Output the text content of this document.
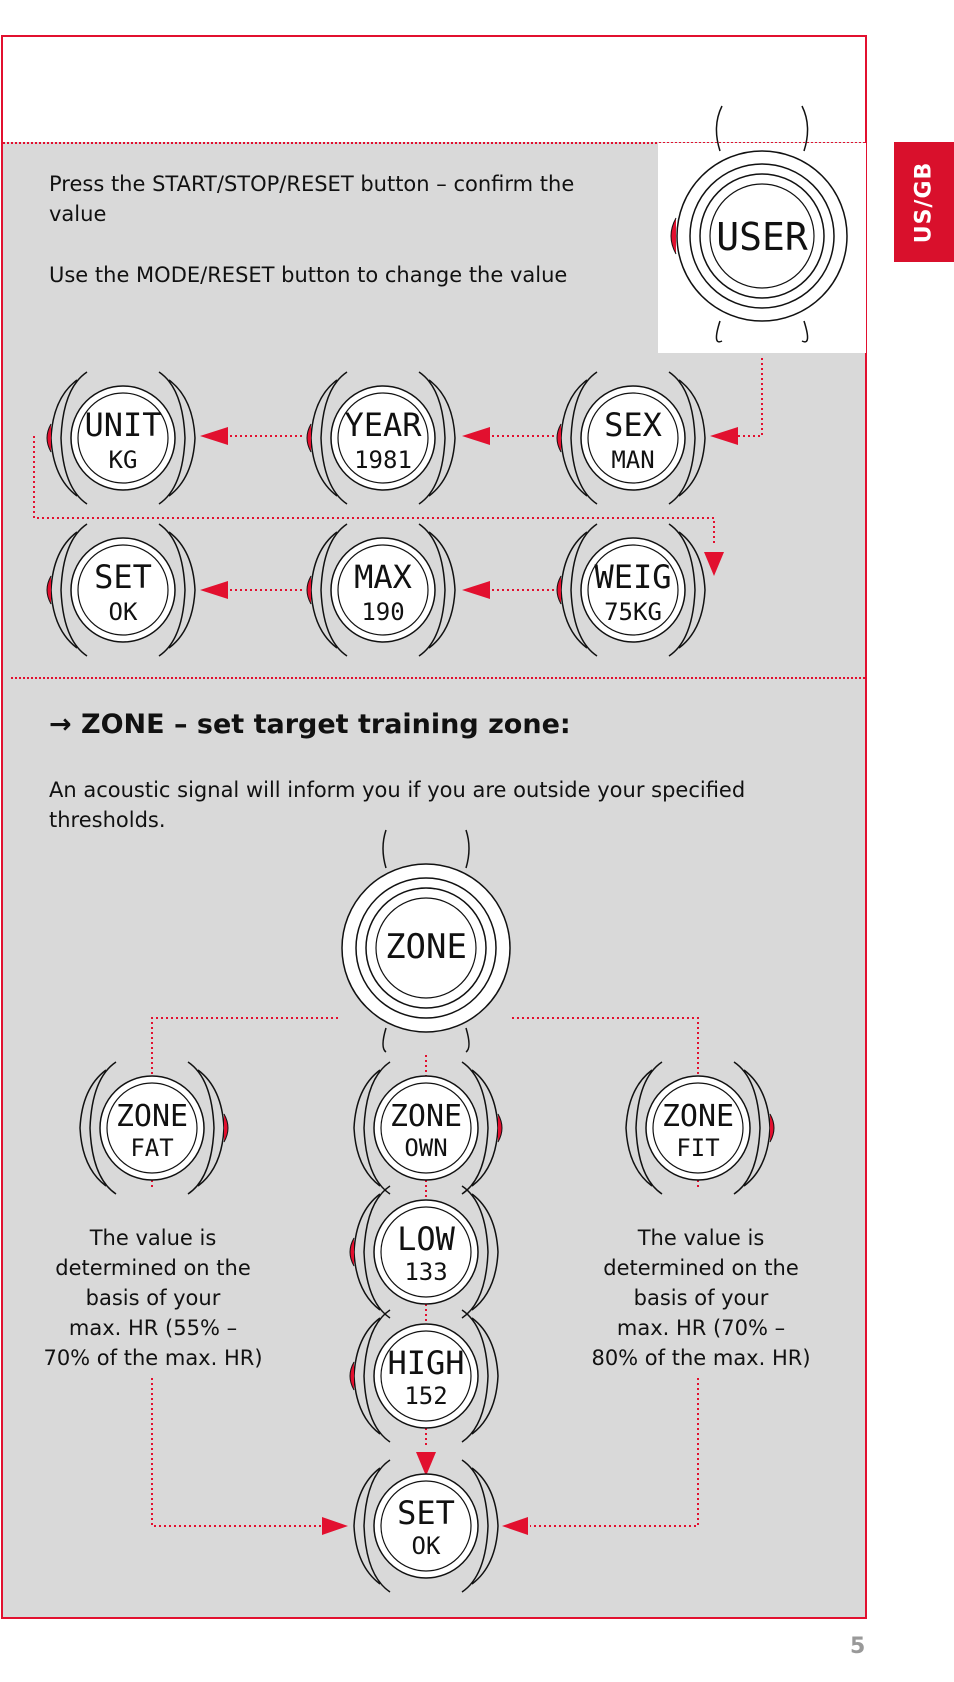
Press the START/STOP/RESET button – confirm the value
Use the MODE/RESET button to change the value
→ ZONE – set target training zone:
An acoustic signal will inform you if you are outside your specified thresholds.
The value is
determined on the
basis of your
max. HR (55% –
70% of the max. HR)
The value is
determined on the
basis of your
max. HR (70% –
80% of the max. HR)
USER
UNIT
KG
YEAR
1981
SEX
MAN
SET
OK
MAX
190
WEIG
75KG
ZONE
ZONE
FAT
ZONE
OWN
ZONE
FIT
LOW
133
HIGH
152
SET
OK
US/GB
5
